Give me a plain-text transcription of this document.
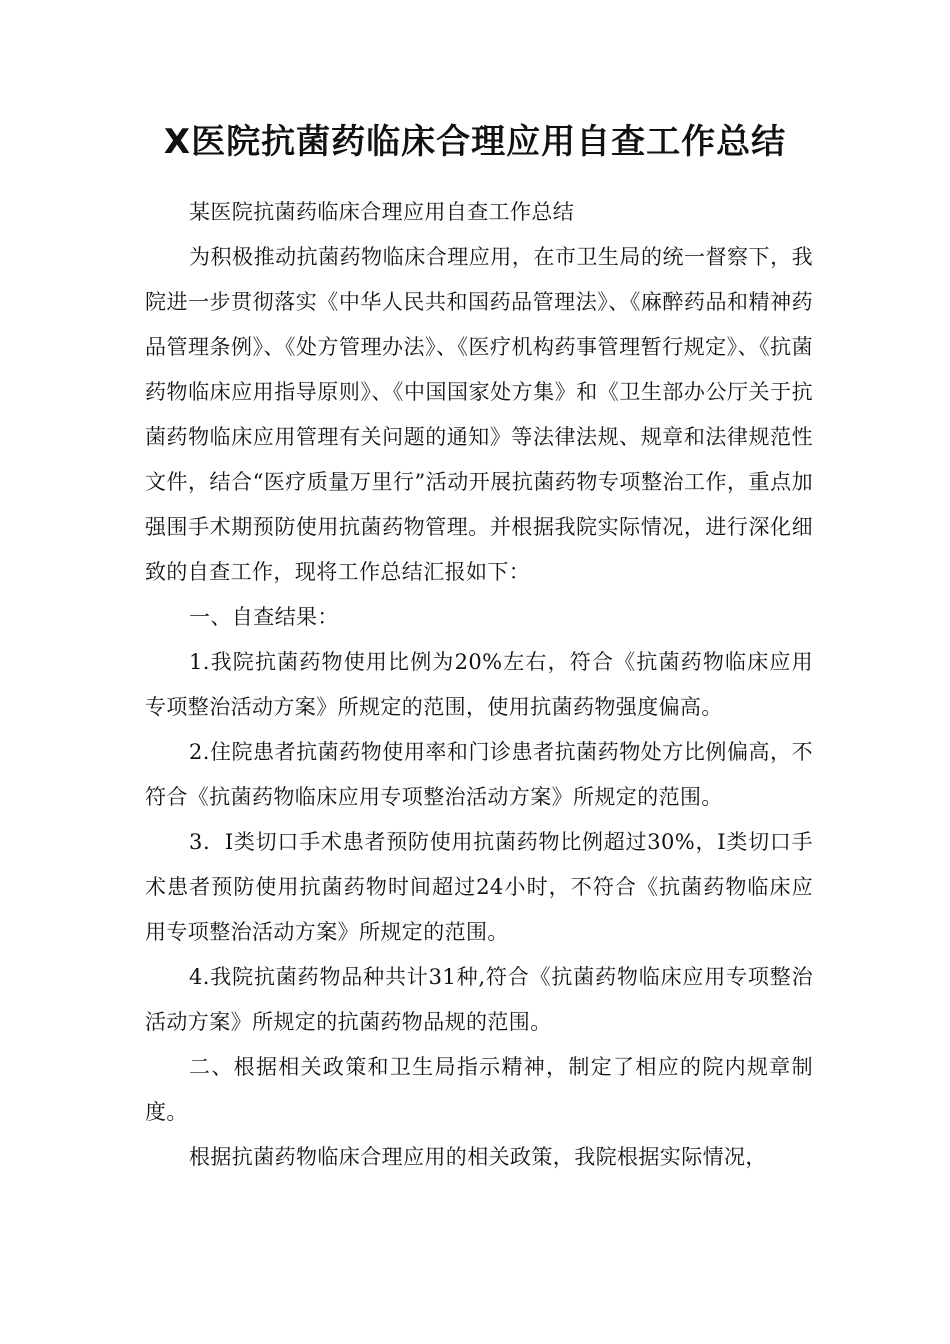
X医院抗菌药临床合理应用自查工作总结

某医院抗菌药临床合理应用自查工作总结

为积极推动抗菌药物临床合理应用，在市卫生局的统一督察下，我院进一步贯彻落实《中华人民共和国药品管理法》、《麻醉药品和精神药品管理条例》、《处方管理办法》、《医疗机构药事管理暂行规定》、《抗菌药物临床应用指导原则》、《中国国家处方集》和《卫生部办公厅关于抗菌药物临床应用管理有关问题的通知》等法律法规、规章和法律规范性文件，结合“医疗质量万里行”活动开展抗菌药物专项整治工作，重点加强围手术期预防使用抗菌药物管理。并根据我院实际情况，进行深化细致的自查工作，现将工作总结汇报如下：

一、自查结果：

1.我院抗菌药物使用比例为20%左右，符合《抗菌药物临床应用专项整治活动方案》所规定的范围，使用抗菌药物强度偏高。

2.住院患者抗菌药物使用率和门诊患者抗菌药物处方比例偏高，不符合《抗菌药物临床应用专项整治活动方案》所规定的范围。

3．I类切口手术患者预防使用抗菌药物比例超过30%，I类切口手术患者预防使用抗菌药物时间超过24小时，不符合《抗菌药物临床应用专项整治活动方案》所规定的范围。

4.我院抗菌药物品种共计31种,符合《抗菌药物临床应用专项整治活动方案》所规定的抗菌药物品规的范围。

二、根据相关政策和卫生局指示精神，制定了相应的院内规章制度。

根据抗菌药物临床合理应用的相关政策，我院根据实际情况，
